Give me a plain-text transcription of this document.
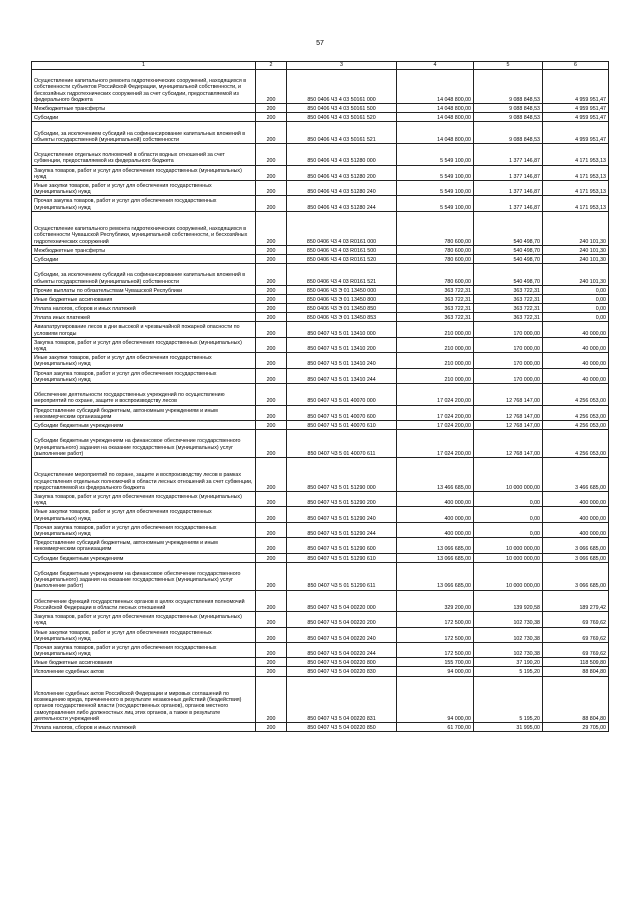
57
1	2	3	4	5	6
Осуществление капитального ремонта гидротехнических сооружений, находящихся в собственности субъектов Российской Федерации, муниципальной собственности, и бесхозяйных гидротехнических сооружений за счет субсидии, предоставляемой из федерального бюджета	200	850 0406 Ч3 4 03 50161 000	14 048 800,00	9 088 848,53	4 959 951,47
Межбюджетные трансферты	200	850 0406 Ч3 4 03 50161 500	14 048 800,00	9 088 848,53	4 959 951,47
Субсидии	200	850 0406 Ч3 4 03 50161 520	14 048 800,00	9 088 848,53	4 959 951,47
Субсидии, за исключением субсидий на софинансирование капитальных вложений в объекты государственной (муниципальной) собственности	200	850 0406 Ч3 4 03 50161 521	14 048 800,00	9 088 848,53	4 959 951,47
Осуществление отдельных полномочий в области водных отношений за счет субвенции, предоставляемой из федерального бюджета	200	850 0406 Ч3 4 03 51280 000	5 549 100,00	1 377 146,87	4 171 953,13
Закупка товаров, работ и услуг для обеспечения государственных (муниципальных) нужд	200	850 0406 Ч3 4 03 51280 200	5 549 100,00	1 377 146,87	4 171 953,13
Иные закупки товаров, работ и услуг для обеспечения государственных (муниципальных) нужд	200	850 0406 Ч3 4 03 51280 240	5 549 100,00	1 377 146,87	4 171 953,13
Прочая закупка товаров, работ и услуг для обеспечения государственных (муниципальных) нужд	200	850 0406 Ч3 4 03 51280 244	5 549 100,00	1 377 146,87	4 171 953,13
Осуществление капитального ремонта гидротехнических сооружений, находящихся в собственности Чувашской Республики, муниципальной собственности, и бесхозяйных гидротехнических сооружений	200	850 0406 Ч3 4 03 R0161 000	780 600,00	540 498,70	240 101,30
Межбюджетные трансферты	200	850 0406 Ч3 4 03 R0161 500	780 600,00	540 498,70	240 101,30
Субсидии	200	850 0406 Ч3 4 03 R0161 520	780 600,00	540 498,70	240 101,30
Субсидии, за исключением субсидий на софинансирование капитальных вложений в объекты государственной (муниципальной) собственности	200	850 0406 Ч3 4 03 R0161 521	780 600,00	540 498,70	240 101,30
Прочие выплаты по обязательствам Чувашской Республики	200	850 0406 Ч3 Э 01 13450 000	363 722,31	363 722,31	0,00
Иные бюджетные ассигнования	200	850 0406 Ч3 Э 01 13450 800	363 722,31	363 722,31	0,00
Уплата налогов, сборов и иных платежей	200	850 0406 Ч3 Э 01 13450 850	363 722,31	363 722,31	0,00
Уплата иных платежей	200	850 0406 Ч3 Э 01 13450 853	363 722,31	363 722,31	0,00
Авиапатрулирование лесов в дни высокой и чрезвычайной пожарной опасности по условиям погоды	200	850 0407 Ч3 5 01 13410 000	210 000,00	170 000,00	40 000,00
Закупка товаров, работ и услуг для обеспечения государственных (муниципальных) нужд	200	850 0407 Ч3 5 01 13410 200	210 000,00	170 000,00	40 000,00
Иные закупки товаров, работ и услуг для обеспечения государственных (муниципальных) нужд	200	850 0407 Ч3 5 01 13410 240	210 000,00	170 000,00	40 000,00
Прочая закупка товаров, работ и услуг для обеспечения государственных (муниципальных) нужд	200	850 0407 Ч3 5 01 13410 244	210 000,00	170 000,00	40 000,00
Обеспечение деятельности государственных учреждений по осуществлению мероприятий по охране, защите и воспроизводству лесов	200	850 0407 Ч3 5 01 40070 000	17 024 200,00	12 768 147,00	4 256 053,00
Предоставление субсидий бюджетным, автономным учреждениям и иным некоммерческим организациям	200	850 0407 Ч3 5 01 40070 600	17 024 200,00	12 768 147,00	4 256 053,00
Субсидии бюджетным учреждениям	200	850 0407 Ч3 5 01 40070 610	17 024 200,00	12 768 147,00	4 256 053,00
Субсидии бюджетным учреждениям на финансовое обеспечение государственного (муниципального) задания на оказание государственных (муниципальных) услуг (выполнение работ)	200	850 0407 Ч3 5 01 40070 611	17 024 200,00	12 768 147,00	4 256 053,00
Осуществление мероприятий по охране, защите и воспроизводству лесов в рамках осуществления отдельных полномочий в области лесных отношений за счет субвенции, предоставляемой из федерального бюджета	200	850 0407 Ч3 5 01 51290 000	13 466 685,00	10 000 000,00	3 466 685,00
Закупка товаров, работ и услуг для обеспечения государственных (муниципальных) нужд	200	850 0407 Ч3 5 01 51290 200	400 000,00	0,00	400 000,00
Иные закупки товаров, работ и услуг для обеспечения государственных (муниципальных) нужд	200	850 0407 Ч3 5 01 51290 240	400 000,00	0,00	400 000,00
Прочая закупка товаров, работ и услуг для обеспечения государственных (муниципальных) нужд	200	850 0407 Ч3 5 01 51290 244	400 000,00	0,00	400 000,00
Предоставление субсидий бюджетным, автономным учреждениям и иным некоммерческим организациям	200	850 0407 Ч3 5 01 51290 600	13 066 685,00	10 000 000,00	3 066 685,00
Субсидии бюджетным учреждениям	200	850 0407 Ч3 5 01 51290 610	13 066 685,00	10 000 000,00	3 066 685,00
Субсидии бюджетным учреждениям на финансовое обеспечение государственного (муниципального) задания на оказание государственных (муниципальных) услуг (выполнение работ)	200	850 0407 Ч3 5 01 51290 611	13 066 685,00	10 000 000,00	3 066 685,00
Обеспечение функций государственных органов в целях осуществления полномочий Российской Федерации в области лесных отношений	200	850 0407 Ч3 5 04 00220 000	329 200,00	139 920,58	189 279,42
Закупка товаров, работ и услуг для обеспечения государственных (муниципальных) нужд	200	850 0407 Ч3 5 04 00220 200	172 500,00	102 730,38	69 769,62
Иные закупки товаров, работ и услуг для обеспечения государственных (муниципальных) нужд	200	850 0407 Ч3 5 04 00220 240	172 500,00	102 730,38	69 769,62
Прочая закупка товаров, работ и услуг для обеспечения государственных (муниципальных) нужд	200	850 0407 Ч3 5 04 00220 244	172 500,00	102 730,38	69 769,62
Иные бюджетные ассигнования	200	850 0407 Ч3 5 04 00220 800	155 700,00	37 190,20	118 509,80
Исполнение судебных актов	200	850 0407 Ч3 5 04 00220 830	94 000,00	5 195,20	88 804,80
Исполнение судебных актов Российской Федерации и мировых соглашений по возмещению вреда, причиненного в результате незаконных действий (бездействия) органов государственной власти (государственных органов), органов местного самоуправления либо должностных лиц этих органов, а также в результате деятельности учреждений	200	850 0407 Ч3 5 04 00220 831	94 000,00	5 195,20	88 804,80
Уплата налогов, сборов и иных платежей	200	850 0407 Ч3 5 04 00220 850	61 700,00	31 995,00	29 705,00
